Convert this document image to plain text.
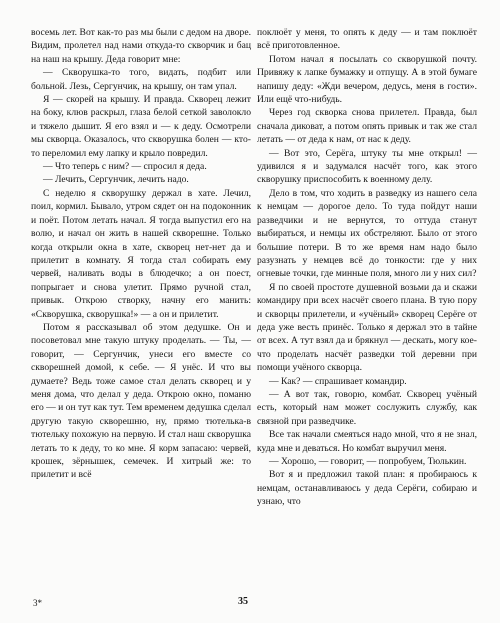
восемь лет. Вот как-то раз мы были с дедом на дворе. Видим, пролетел над нами откуда-то скворчик и бац на наш на крышу. Деда говорит мне:

— Скворушка-то того, видать, подбит или больной. Лезь, Сергунчик, на крышу, он там упал.

Я — скорей на крышу. И правда. Скворец лежит на боку, клюв раскрыл, глаза белой сеткой заволокло и тяжело дышит. Я его взял и — к деду. Осмотрели мы скворца. Оказалось, что скворушка болен — кто-то переломил ему лапку и крыло повредил.

— Что теперь с ним? — спросил я деда.

— Лечить, Сергунчик, лечить надо.

С неделю я скворушку держал в хате. Лечил, поил, кормил. Бывало, утром сядет он на подоконник и поёт. Потом летать начал. Я тогда выпустил его на волю, и начал он жить в нашей скворешне. Только когда открыли окна в хате, скворец нет-нет да и прилетит в комнату. Я тогда стал собирать ему червей, наливать воды в блюдечко; а он поест, попрыгает и снова улетит. Прямо ручной стал, привык. Открою створку, начну его манить: «Скворушка, скворушка!» — а он и прилетит.

Потом я рассказывал об этом дедушке. Он и посоветовал мне такую штуку проделать. — Ты, — говорит, — Сергунчик, унеси его вместе со скворешней домой, к себе. — Я унёс. И что вы думаете? Ведь тоже самое стал делать скворец и у меня дома, что делал у деда. Открою окно, поманю его — и он тут как тут. Тем временем дедушка сделал другую такую скворешню, ну, прямо тютелька-в тютельку похожую на первую. И стал наш скворушка летать то к деду, то ко мне. Я корм запасаю: червей, крошек, зёрнышек, семечек. И хитрый же: то прилетит и всё

поклюёт у меня, то опять к деду — и там поклюёт всё приготовленное.

Потом начал я посылать со скворушкой почту. Привяжу к лапке бумажку и отпущу. А в этой бумаге напишу деду: «Жди вечером, дедусь, меня в гости». Или ещё что-нибудь.

Через год скворка снова прилетел. Правда, был сначала диковат, а потом опять привык и так же стал летать — от деда к нам, от нас к деду.

— Вот это, Серёга, штуку ты мне открыл! — удивился я и задумался насчёт того, как этого скворушку приспособить к военному делу.

Дело в том, что ходить в разведку из нашего села к немцам — дорогое дело. То туда пойдут наши разведчики и не вернутся, то оттуда станут выбираться, и немцы их обстреляют. Было от этого большие потери. В то же время нам надо было разузнать у немцев всё до тонкости: где у них огневые точки, где минные поля, много ли у них сил?

Я по своей простоте душевной возьми да и скажи командиру при всех насчёт своего плана. В тую пору и скворцы прилетели, и «учёный» скворец Серёге от деда уже весть принёс. Только я держал это в тайне от всех. А тут взял да и брякнул — дескать, могу кое-что проделать насчёт разведки той деревни при помощи учёного скворца.

— Как? — спрашивает командир.

— А вот так, говорю, комбат. Скворец учёный есть, который нам может сослужить службу, как связной при разведчике.

Все так начали смеяться надо мной, что я не знал, куда мне и деваться. Но комбат выручил меня.

— Хорошо, — говорит, — попробуем, Тюлькин.

Вот я и предложил такой план: я пробираюсь к немцам, останавливаюсь у деда Серёги, собираю и узнаю, что

3*	35
